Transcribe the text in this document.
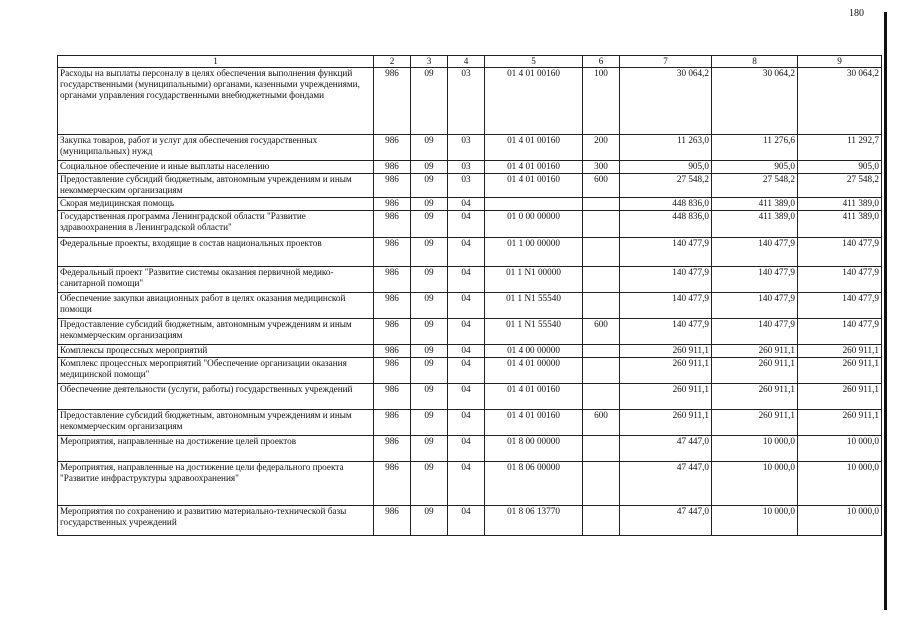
180
1	2	3	4	5	6	7	8	9
Расходы на выплаты персоналу в целях обеспечения выполнения функций государственными (муниципальными) органами, казенными учреждениями, органами управления государственными внебюджетными фондами	986	09	03	01 4 01 00160	100	30 064,2	30 064,2	30 064,2
Закупка товаров, работ и услуг для обеспечения государственных (муниципальных) нужд	986	09	03	01 4 01 00160	200	11 263,0	11 276,6	11 292,7
Социальное обеспечение и иные выплаты населению	986	09	03	01 4 01 00160	300	905,0	905,0	905,0
Предоставление субсидий бюджетным, автономным учреждениям и иным некоммерческим организациям	986	09	03	01 4 01 00160	600	27 548,2	27 548,2	27 548,2
Скорая медицинская помощь	986	09	04			448 836,0	411 389,0	411 389,0
Государственная программа Ленинградской области "Развитие здравоохранения в Ленинградской области"	986	09	04	01 0 00 00000		448 836,0	411 389,0	411 389,0
Федеральные проекты, входящие в состав национальных проектов	986	09	04	01 1 00 00000		140 477,9	140 477,9	140 477,9
Федеральный проект "Развитие системы оказания первичной медико-санитарной помощи"	986	09	04	01 1 N1 00000		140 477,9	140 477,9	140 477,9
Обеспечение закупки авиационных работ в целях оказания медицинской помощи	986	09	04	01 1 N1 55540		140 477,9	140 477,9	140 477,9
Предоставление субсидий бюджетным, автономным учреждениям и иным некоммерческим организациям	986	09	04	01 1 N1 55540	600	140 477,9	140 477,9	140 477,9
Комплексы процессных мероприятий	986	09	04	01 4 00 00000		260 911,1	260 911,1	260 911,1
Комплекс процессных мероприятий "Обеспечение организации оказания медицинской помощи"	986	09	04	01 4 01 00000		260 911,1	260 911,1	260 911,1
Обеспечение деятельности (услуги, работы) государственных учреждений	986	09	04	01 4 01 00160		260 911,1	260 911,1	260 911,1
Предоставление субсидий бюджетным, автономным учреждениям и иным некоммерческим организациям	986	09	04	01 4 01 00160	600	260 911,1	260 911,1	260 911,1
Мероприятия, направленные на достижение целей проектов	986	09	04	01 8 00 00000		47 447,0	10 000,0	10 000,0
Мероприятия, направленные на достижение цели федерального проекта "Развитие инфраструктуры здравоохранения"	986	09	04	01 8 06 00000		47 447,0	10 000,0	10 000,0
Мероприятия по сохранению и развитию материально-технической базы государственных учреждений	986	09	04	01 8 06 13770		47 447,0	10 000,0	10 000,0
